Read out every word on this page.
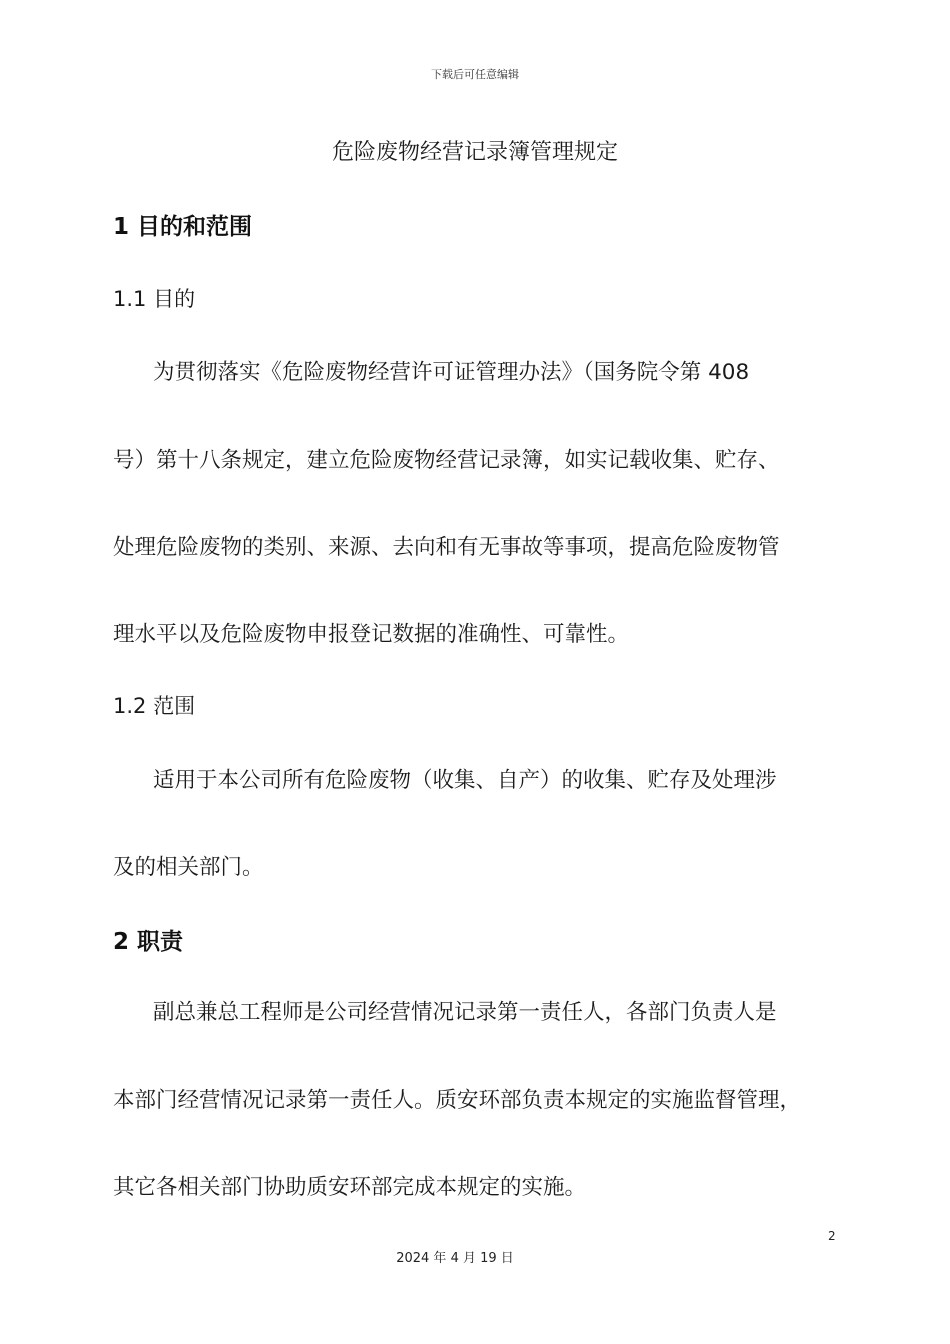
下载后可任意编辑
危险废物经营记录簿管理规定
1 目的和范围
1.1 目的
为贯彻落实《危险废物经营许可证管理办法》（国务院令第 408
号）第十八条规定，建立危险废物经营记录簿，如实记载收集、贮存、
处理危险废物的类别、来源、去向和有无事故等事项，提高危险废物管
理水平以及危险废物申报登记数据的准确性、可靠性。
1.2 范围
适用于本公司所有危险废物（收集、自产）的收集、贮存及处理涉
及的相关部门。
2 职责
副总兼总工程师是公司经营情况记录第一责任人，各部门负责人是
本部门经营情况记录第一责任人。质安环部负责本规定的实施监督管理，
其它各相关部门协助质安环部完成本规定的实施。
2
2024 年 4 月 19 日
